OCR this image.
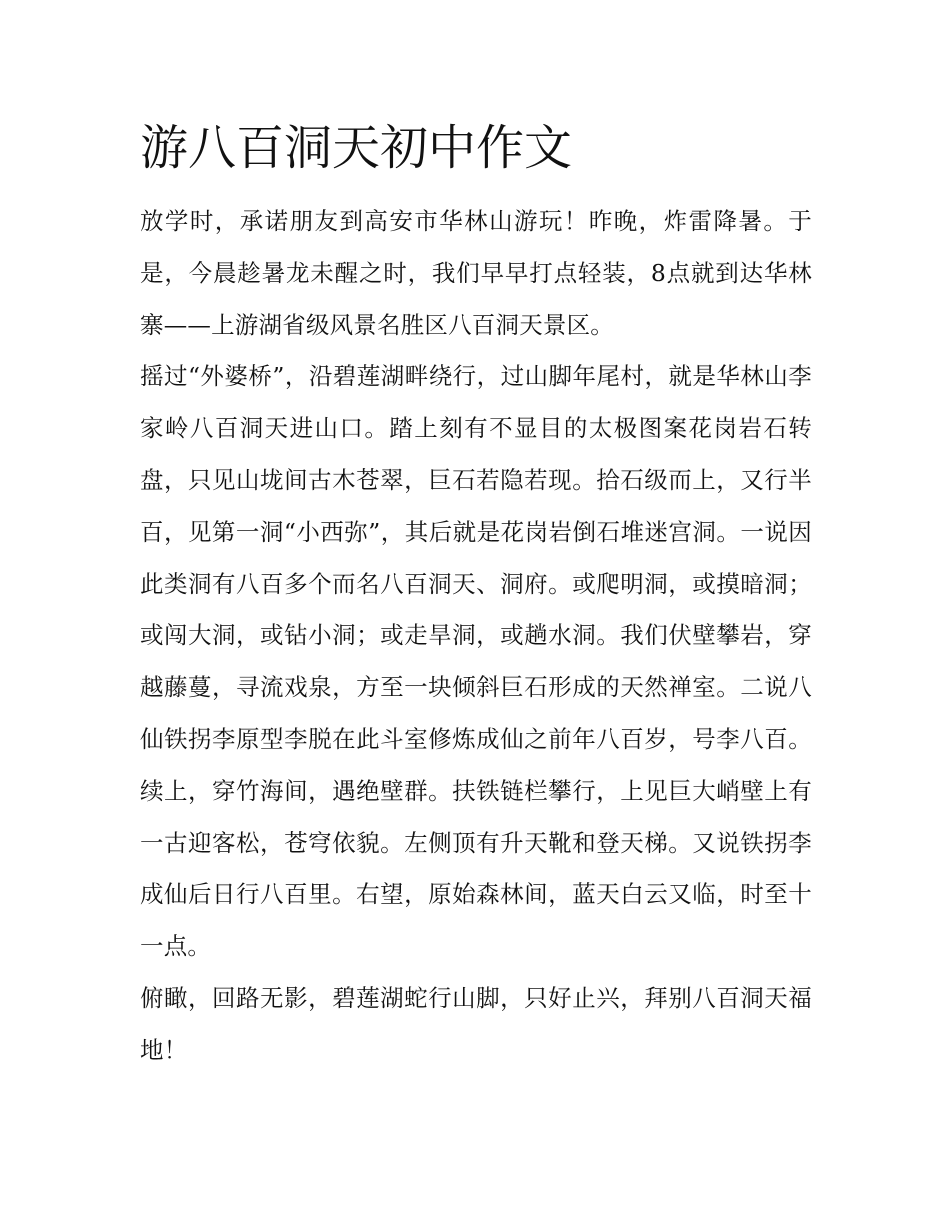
游八百洞天初中作文

放学时，承诺朋友到高安市华林山游玩！昨晚，炸雷降暑。于是，今晨趁暑龙未醒之时，我们早早打点轻装，8点就到达华林寨——上游湖省级风景名胜区八百洞天景区。

摇过“外婆桥”，沿碧莲湖畔绕行，过山脚年尾村，就是华林山李家岭八百洞天进山口。踏上刻有不显目的太极图案花岗岩石转盘，只见山垅间古木苍翠，巨石若隐若现。拾石级而上，又行半百，见第一洞“小西弥”，其后就是花岗岩倒石堆迷宫洞。一说因此类洞有八百多个而名八百洞天、洞府。或爬明洞，或摸暗洞；或闯大洞，或钻小洞；或走旱洞，或趟水洞。我们伏壁攀岩，穿越藤蔓，寻流戏泉，方至一块倾斜巨石形成的天然禅室。二说八仙铁拐李原型李脱在此斗室修炼成仙之前年八百岁，号李八百。续上，穿竹海间，遇绝壁群。扶铁链栏攀行，上见巨大峭壁上有一古迎客松，苍穹依貌。左侧顶有升天靴和登天梯。又说铁拐李成仙后日行八百里。右望，原始森林间，蓝天白云又临，时至十一点。

俯瞰，回路无影，碧莲湖蛇行山脚，只好止兴，拜别八百洞天福地！
